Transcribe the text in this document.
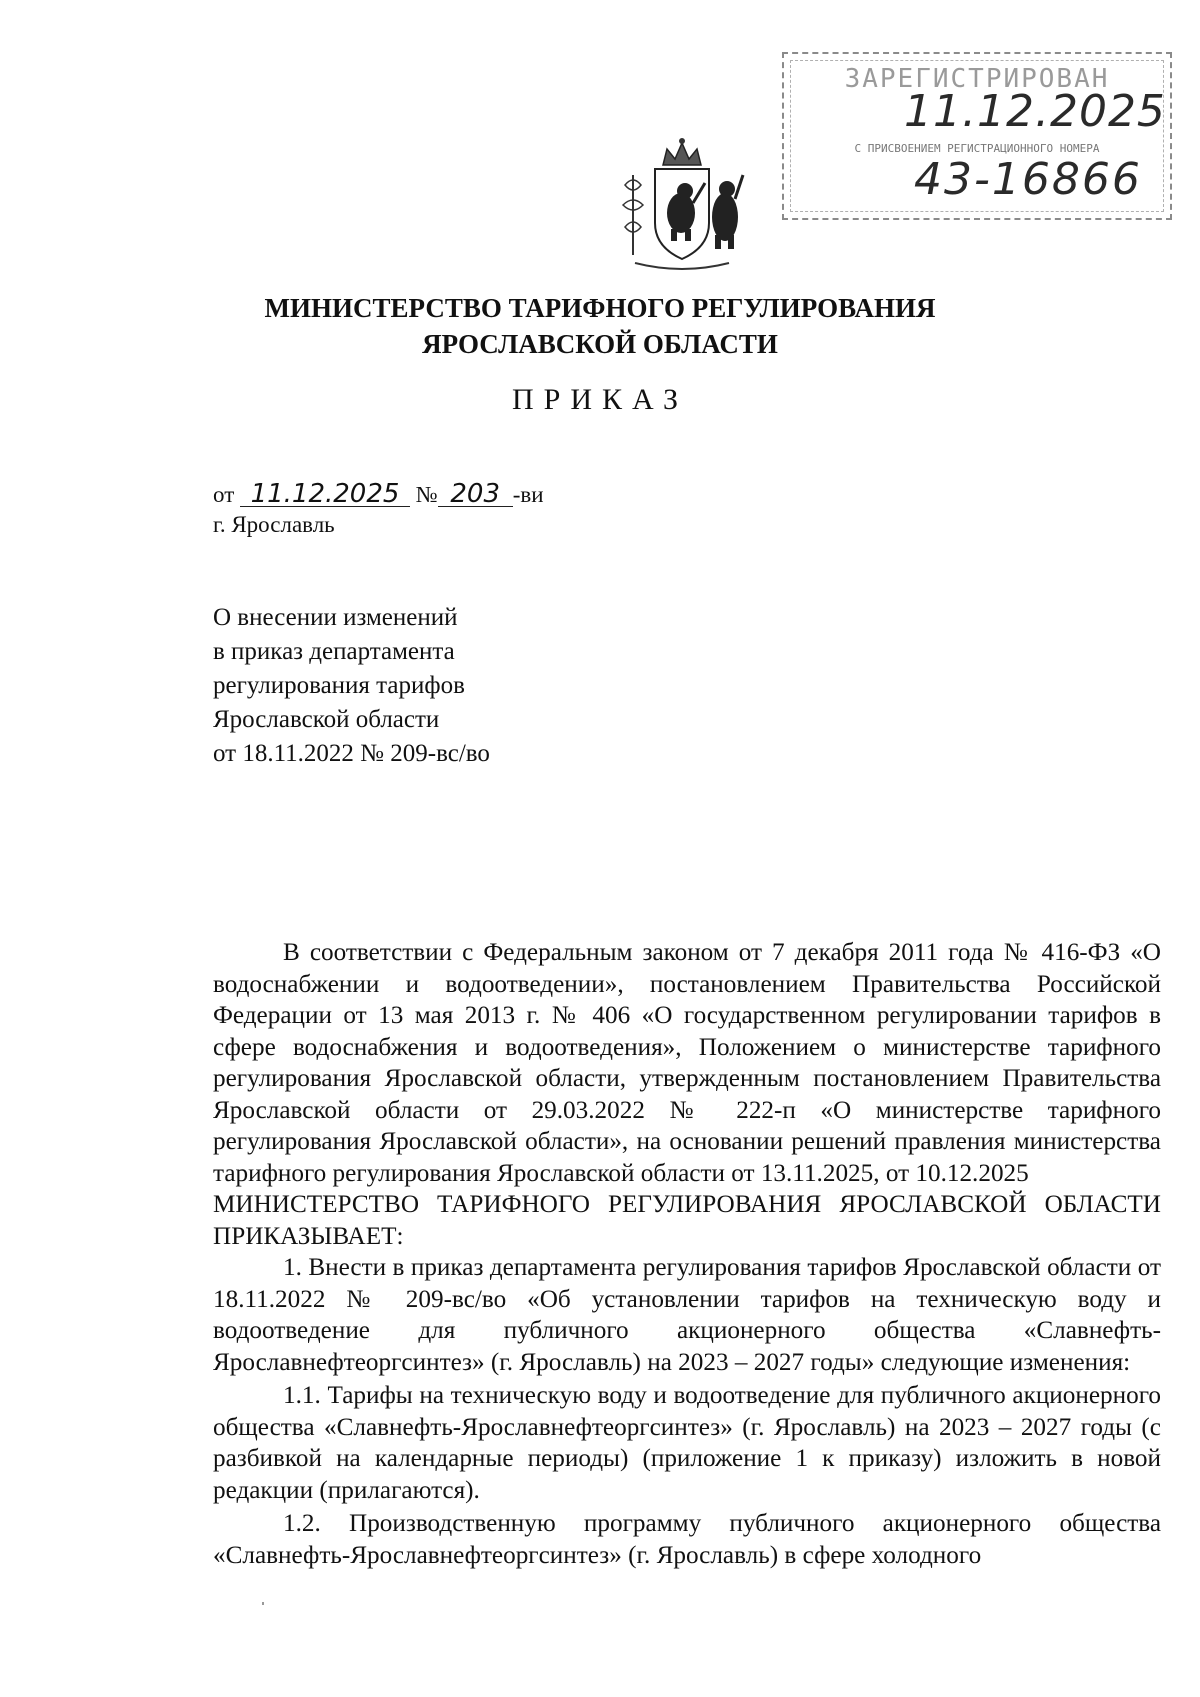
ЗАРЕГИСТРИРОВАН
11.12.2025
С ПРИСВОЕНИЕМ РЕГИСТРАЦИОННОГО НОМЕРА
43-16866
МИНИСТЕРСТВО ТАРИФНОГО РЕГУЛИРОВАНИЯ
ЯРОСЛАВСКОЙ ОБЛАСТИ
ПРИКАЗ
от 11.12.2025 № 203 -ви
г. Ярославль
О внесении изменений
в приказ департамента
регулирования тарифов
Ярославской области
от 18.11.2022 № 209-вс/во

В соответствии с Федеральным законом от 7 декабря 2011 года № 416-ФЗ «О водоснабжении и водоотведении», постановлением Правительства Российской Федерации от 13 мая 2013 г. № 406 «О государственном регулировании тарифов в сфере водоснабжения и водоотведения», Положением о министерстве тарифного регулирования Ярославской области, утвержденным постановлением Правительства Ярославской области от 29.03.2022 № 222-п «О министерстве тарифного регулирования Ярославской области», на основании решений правления министерства тарифного регулирования Ярославской области от 13.11.2025, от 10.12.2025

МИНИСТЕРСТВО ТАРИФНОГО РЕГУЛИРОВАНИЯ ЯРОСЛАВСКОЙ ОБЛАСТИ ПРИКАЗЫВАЕТ:

1. Внести в приказ департамента регулирования тарифов Ярославской области от 18.11.2022 № 209-вс/во «Об установлении тарифов на техническую воду и водоотведение для публичного акционерного общества «Славнефть-Ярославнефтеоргсинтез» (г. Ярославль) на 2023 – 2027 годы» следующие изменения:

1.1. Тарифы на техническую воду и водоотведение для публичного акционерного общества «Славнефть-Ярославнефтеоргсинтез» (г. Ярославль) на 2023 – 2027 годы (с разбивкой на календарные периоды) (приложение 1 к приказу) изложить в новой редакции (прилагаются).

1.2. Производственную программу публичного акционерного общества «Славнефть-Ярославнефтеоргсинтез» (г. Ярославль) в сфере холодного
